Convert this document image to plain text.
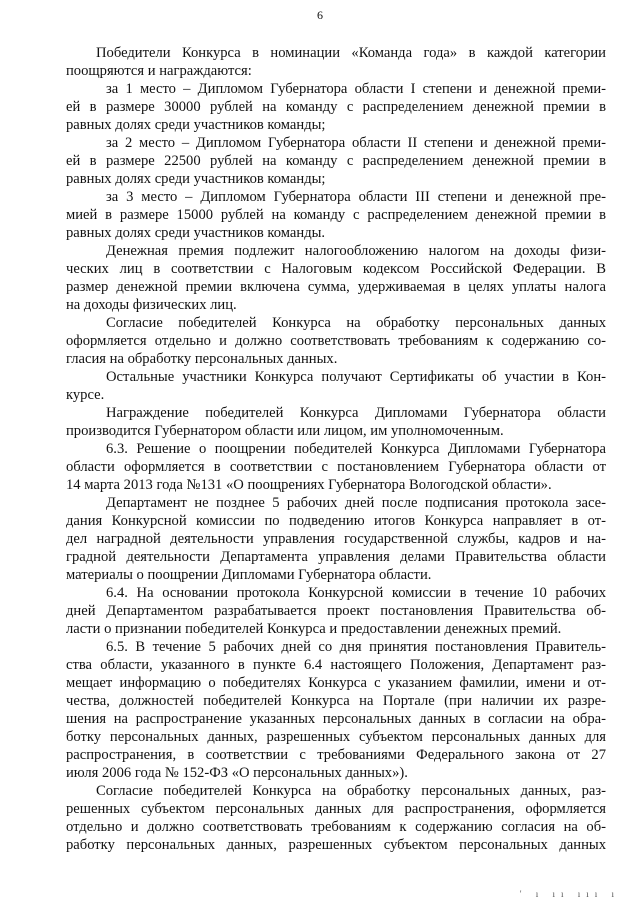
6
Победители Конкурса в номинации «Команда года» в каждой категории
поощряются и награждаются:
за 1 место – Дипломом Губернатора области I степени и денежной преми-
ей в размере 30000 рублей на команду с распределением денежной премии в
равных долях среди участников команды;
за 2 место – Дипломом Губернатора области II степени и денежной преми-
ей в размере 22500 рублей на команду с распределением денежной премии в
равных долях среди участников команды;
за 3 место – Дипломом Губернатора области III степени и денежной пре-
мией в размере 15000 рублей на команду с распределением денежной премии в
равных долях среди участников команды.
Денежная премия подлежит налогообложению налогом на доходы физи-
ческих лиц в соответствии с Налоговым кодексом Российской Федерации. В
размер денежной премии включена сумма, удерживаемая в целях уплаты налога
на доходы физических лиц.
Согласие победителей Конкурса на обработку персональных данных
оформляется отдельно и должно соответствовать требованиям к содержанию со-
гласия на обработку персональных данных.
Остальные участники Конкурса получают Сертификаты об участии в Кон-
курсе.
Награждение победителей Конкурса Дипломами Губернатора области
производится Губернатором области или лицом, им уполномоченным.
6.3. Решение о поощрении победителей Конкурса Дипломами Губернатора
области оформляется в соответствии с постановлением Губернатора области от
14 марта 2013 года №131 «О поощрениях Губернатора Вологодской области».
Департамент не позднее 5 рабочих дней после подписания протокола засе-
дания Конкурсной комиссии по подведению итогов Конкурса направляет в от-
дел наградной деятельности управления государственной службы, кадров и на-
градной деятельности Департамента управления делами Правительства области
материалы о поощрении Дипломами Губернатора области.
6.4. На основании протокола Конкурсной комиссии в течение 10 рабочих
дней Департаментом разрабатывается проект постановления Правительства об-
ласти о признании победителей Конкурса и предоставлении денежных премий.
6.5. В течение 5 рабочих дней со дня принятия постановления Правитель-
ства области, указанного в пункте 6.4 настоящего Положения, Департамент раз-
мещает информацию о победителях Конкурса с указанием фамилии, имени и от-
чества, должностей победителей Конкурса на Портале (при наличии их разре-
шения на распространение указанных персональных данных в согласии на обра-
ботку персональных данных, разрешенных субъектом персональных данных для
распространения, в соответствии с требованиями Федерального закона от 27
июля 2006 года № 152-ФЗ «О персональных данных»).
Согласие победителей Конкурса на обработку персональных данных, раз-
решенных субъектом персональных данных для распространения, оформляется
отдельно и должно соответствовать требованиям к содержанию согласия на об-
работку персональных данных, разрешенных субъектом персональных данных
' ı ıı ııı ı
